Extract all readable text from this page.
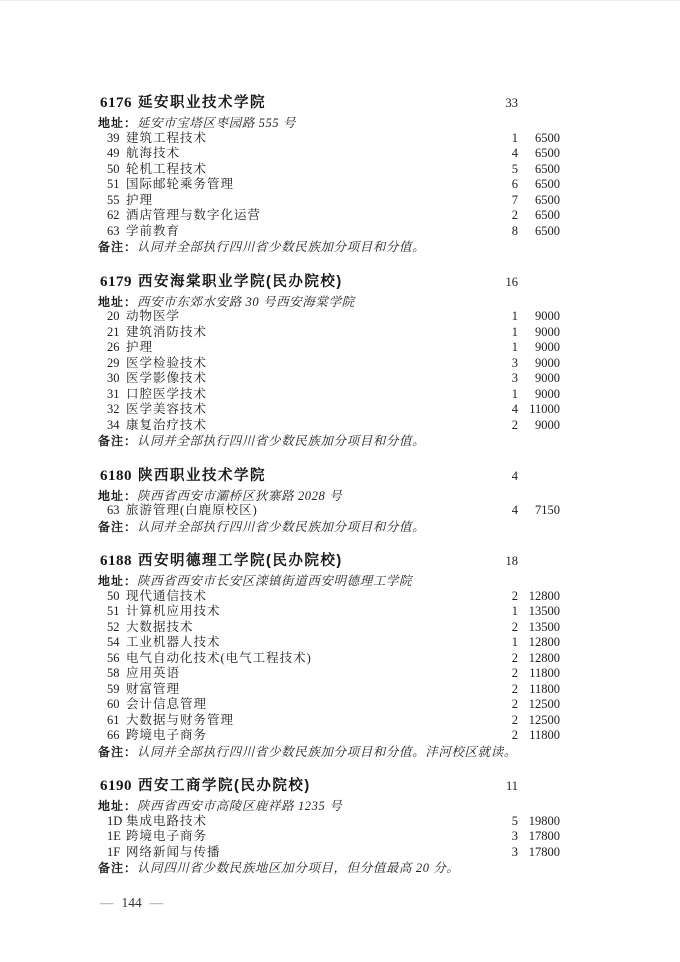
6176 延安职业技术学院	33
地址：延安市宝塔区枣园路 555 号
39 建筑工程技术	1 6500
49 航海技术	4 6500
50 轮机工程技术	5 6500
51 国际邮轮乘务管理	6 6500
55 护理	7 6500
62 酒店管理与数字化运营	2 6500
63 学前教育	8 6500
备注：认同并全部执行四川省少数民族加分项目和分值。
6179 西安海棠职业学院(民办院校)	16
地址：西安市东郊水安路 30 号西安海棠学院
20 动物医学	1 9000
21 建筑消防技术	1 9000
26 护理	1 9000
29 医学检验技术	3 9000
30 医学影像技术	3 9000
31 口腔医学技术	1 9000
32 医学美容技术	4 11000
34 康复治疗技术	2 9000
备注：认同并全部执行四川省少数民族加分项目和分值。
6180 陕西职业技术学院	4
地址：陕西省西安市灞桥区狄寨路 2028 号
63 旅游管理(白鹿原校区)	4 7150
备注：认同并全部执行四川省少数民族加分项目和分值。
6188 西安明德理工学院(民办院校)	18
地址：陕西省西安市长安区滦镇街道西安明德理工学院
50 现代通信技术	2 12800
51 计算机应用技术	1 13500
52 大数据技术	2 13500
54 工业机器人技术	1 12800
56 电气自动化技术(电气工程技术)	2 12800
58 应用英语	2 11800
59 财富管理	2 11800
60 会计信息管理	2 12500
61 大数据与财务管理	2 12500
66 跨境电子商务	2 11800
备注：认同并全部执行四川省少数民族加分项目和分值。沣河校区就读。
6190 西安工商学院(民办院校)	11
地址：陕西省西安市高陵区鹿祥路 1235 号
1D 集成电路技术	5 19800
1E 跨境电子商务	3 17800
1F 网络新闻与传播	3 17800
备注：认同四川省少数民族地区加分项目，但分值最高 20 分。
— 144 —
